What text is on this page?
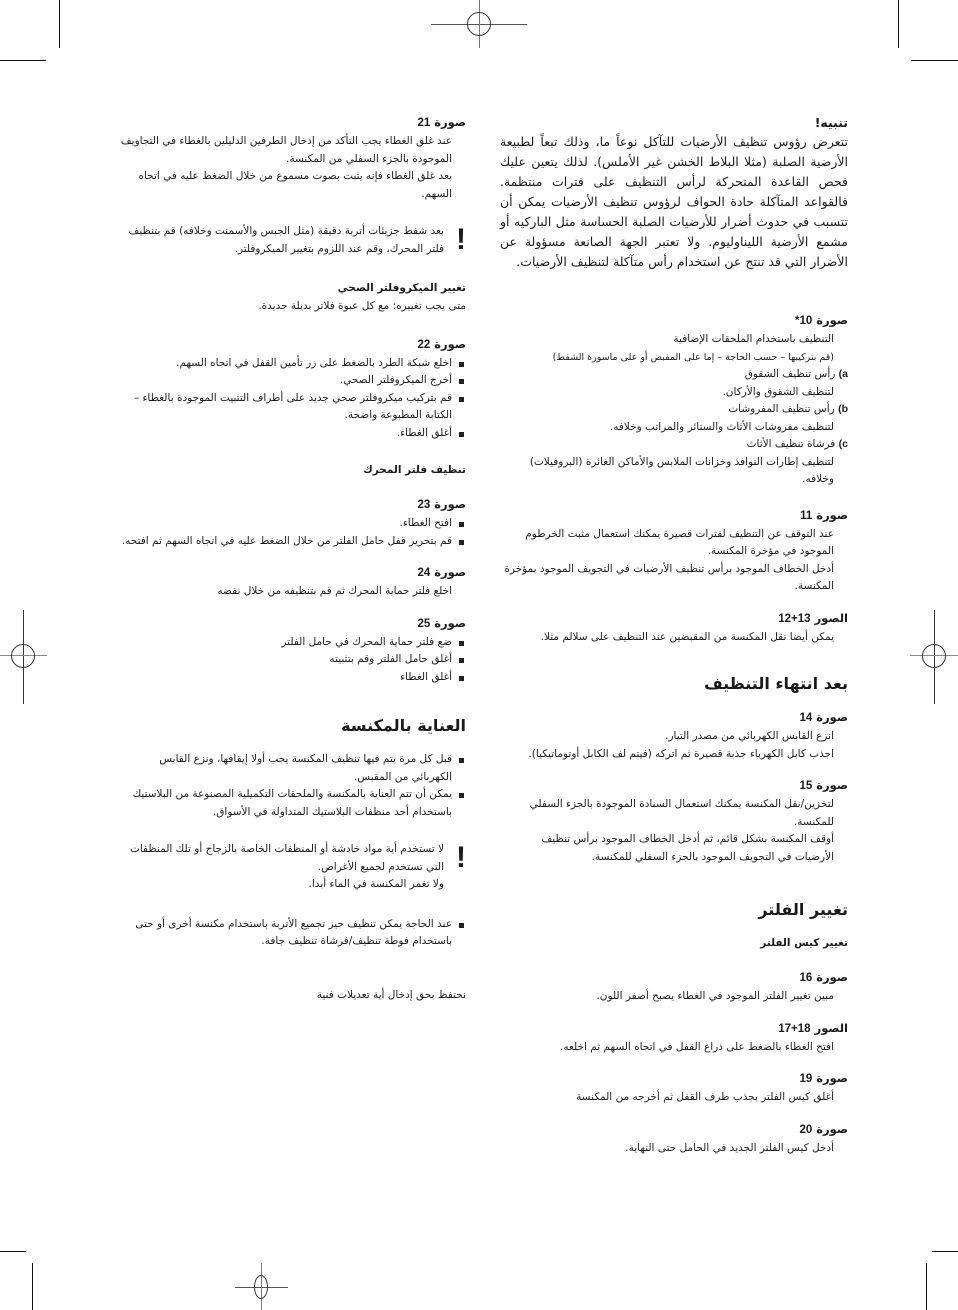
تنبيه!
تتعرض رؤوس تنظيف الأرضيات للتآكل نوعاً ما، وذلك تبعاً لطبيعة الأرضية الصلبة (مثلا البلاط الخشن غير الأملس). لذلك يتعين عليك فحص القاعدة المتحركة لرأس التنظيف على فترات منتظمة. فالقواعد المتآكلة حادة الحواف لرؤوس تنظيف الأرضيات يمكن أن تتسبب في حدوث أضرار للأرضيات الصلبة الحساسة مثل الباركيه أو مشمع الأرضية الليناوليوم. ولا تعتبر الجهة الصانعة مسؤولة عن الأضرار التي قد تنتج عن استخدام رأس متآكلة لتنظيف الأرضيات.
صورة 10*

التنظيف باستخدام الملحقات الإضافية

(قم بتركيبها – حسب الحاجة – إما على المقبض أو على ماسورة الشفط)

a) رأس تنظيف الشقوق

لتنظيف الشقوق والأركان.

b) رأس تنظيف المفروشات

لتنظيف مفروشات الأثاث والستائر والمراتب وخلافه.

c) فرشاة تنظيف الأثاث

لتنظيف إطارات النوافذ وخزانات الملابس والأماكن الغائرة (البروفيلات) وخلافه.

صورة 11

عند التوقف عن التنظيف لفترات قصيرة يمكنك استعمال مثبت الخرطوم الموجود في مؤخرة المكنسة.

أدخل الخطاف الموجود برأس تنظيف الأرضيات في التجويف الموجود بمؤخرة المكنسة.

الصور 13+12

يمكن أيضا نقل المكنسة من المقبضين عند التنظيف على سلالم مثلا.

بعد انتهاء التنظيف
صورة 14

انزع القابس الكهربائي من مصدر التيار.

اجذب كابل الكهرباء جذبة قصيرة ثم اتركه (فيتم لف الكابل أوتوماتيكيا).

صورة 15

لتخزين/نقل المكنسة يمكنك استعمال السنادة الموجودة بالجزء السفلي للمكنسة.

أوقف المكنسة بشكل قائم، ثم أدخل الخطاف الموجود برأس تنظيف الأرضيات في التجويف الموجود بالجزء السفلي للمكنسة.

تغيير الفلتر
تغيير كيس الفلتر
صورة 16

مبين تغيير الفلتر الموجود في الغطاء يصبح أصفر اللون.

الصور 18+17

افتح الغطاء بالضغط على ذراع القفل في اتجاه السهم ثم اخلعه.

صورة 19

أغلق كيس الفلتر بجذب طرف القفل ثم أخرجه من المكنسة

صورة 20

أدخل كيس الفلتر الجديد في الحامل حتى النهاية.

صورة 21

عند غلق الغطاء يجب التأكد من إدخال الطرفين الدليلين بالغطاء في التجاويف الموجودة بالجزء السفلي من المكنسة.

بعد غلق الغطاء فإنه يثبت بصوت مسموع من خلال الضغط عليه في اتجاه السهم.

!

بعد شفط جزيئات أتربة دقيقة (مثل الجبس والأسمنت وخلافه) قم بتنظيف فلتر المحرك، وقم عند اللزوم بتغيير الميكروفلتر.

تغيير الميكروفلتر الصحي

متى يجب تغييره: مع كل عبوة فلاتر بديلة جديدة.

صورة 22
اخلع شبكة الطرد بالضغط على زر تأمين القفل في اتجاه السهم.
أخرج الميكروفلتر الصحي.
قم بتركيب ميكروفلتر صحي جديد على أطراف التثبيت الموجودة بالغطاء – الكتابة المطبوعة واضحة.
أغلق الغطاء.
تنظيف فلتر المحرك
صورة 23
افتح الغطاء.
قم بتحرير قفل حامل الفلتر من خلال الضغط عليه في اتجاه السهم ثم افتحه.
صورة 24

اخلع فلتر حماية المحرك ثم قم بتنظيفه من خلال نفضه

صورة 25
ضع فلتر حماية المحرك في حامل الفلتر
أغلق حامل الفلتر وقم بتثبيته
أغلق الغطاء
العناية بالمكنسة
قبل كل مرة يتم فيها تنظيف المكنسة يجب أولا إيقافها، ونزع القابس الكهربائي من المقبس.
يمكن أن تتم العناية بالمكنسة والملحقات التكميلية المصنوعة من البلاستيك باستخدام أحد منظفات البلاستيك المتداولة في الأسواق.
!

لا تستخدم أية مواد خادشة أو المنظفات الخاصة بالزجاج أو تلك المنظفات التي تستخدم لجميع الأغراض.

ولا تغمر المكنسة في الماء أبدا.

عند الحاجة يمكن تنظيف حيز تجميع الأتربة باستخدام مكنسة أخرى أو حتى باستخدام فوطة تنظيف/فرشاة تنظيف جافة.

نحتفظ بحق إدخال أية تعديلات فنية
